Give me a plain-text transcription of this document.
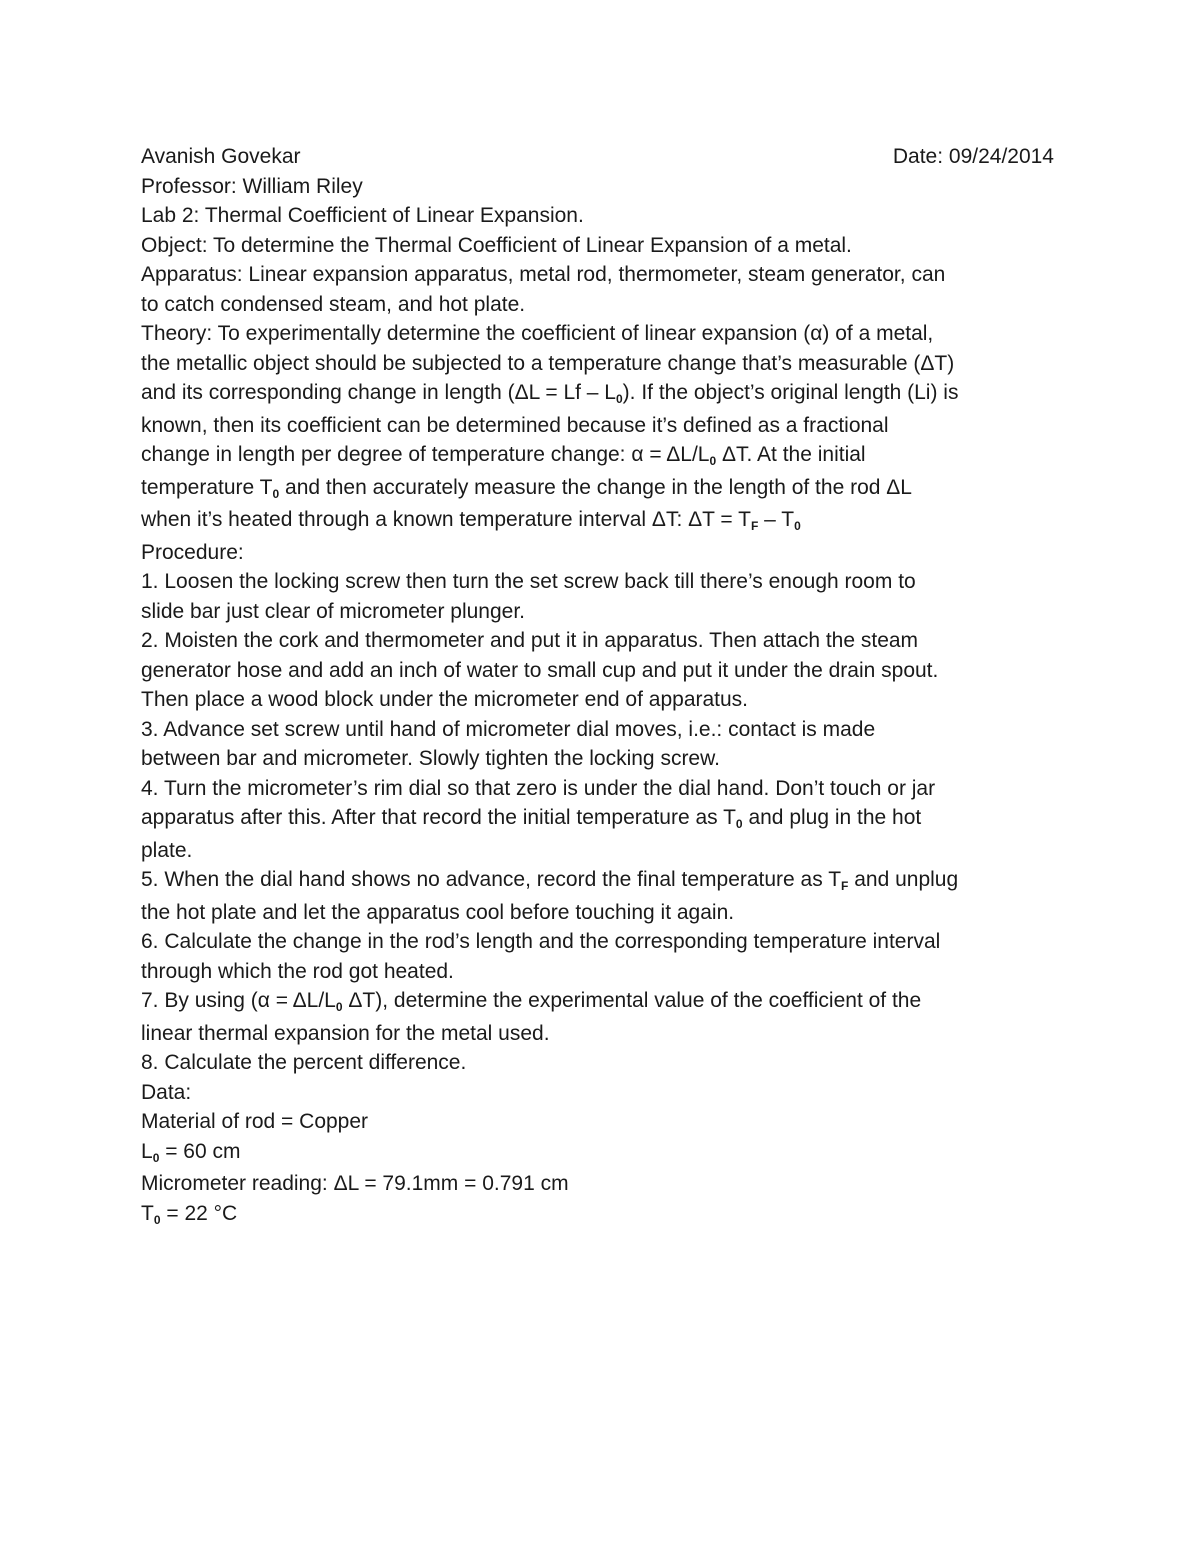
Avanish Govekar	Date: 09/24/2014
Professor: William Riley
Lab 2: Thermal Coefficient of Linear Expansion.
Object: To determine the Thermal Coefficient of Linear Expansion of a metal.
Apparatus: Linear expansion apparatus, metal rod, thermometer, steam generator, can
to catch condensed steam, and hot plate.
Theory: To experimentally determine the coefficient of linear expansion (α) of a metal,
the metallic object should be subjected to a temperature change that’s measurable (ΔT)
and its corresponding change in length (ΔL = Lf – L0). If the object’s original length (Li) is
known, then its coefficient can be determined because it’s defined as a fractional
change in length per degree of temperature change: α = ΔL/L0 ΔT. At the initial
temperature T0 and then accurately measure the change in the length of the rod ΔL
when it’s heated through a known temperature interval ΔT: ΔT = TF – T0
Procedure:
1. Loosen the locking screw then turn the set screw back till there’s enough room to
slide bar just clear of micrometer plunger.
2. Moisten the cork and thermometer and put it in apparatus. Then attach the steam
generator hose and add an inch of water to small cup and put it under the drain spout.
Then place a wood block under the micrometer end of apparatus.
3. Advance set screw until hand of micrometer dial moves, i.e.: contact is made
between bar and micrometer. Slowly tighten the locking screw.
4. Turn the micrometer’s rim dial so that zero is under the dial hand. Don’t touch or jar
apparatus after this. After that record the initial temperature as T0 and plug in the hot
plate.
5. When the dial hand shows no advance, record the final temperature as TF and unplug
the hot plate and let the apparatus cool before touching it again.
6. Calculate the change in the rod’s length and the corresponding temperature interval
through which the rod got heated.
7. By using (α = ΔL/L0 ΔT), determine the experimental value of the coefficient of the
linear thermal expansion for the metal used.
8. Calculate the percent difference.
Data:
Material of rod = Copper
L0 = 60 cm
Micrometer reading: ΔL = 79.1mm = 0.791 cm
T0 = 22 °C
